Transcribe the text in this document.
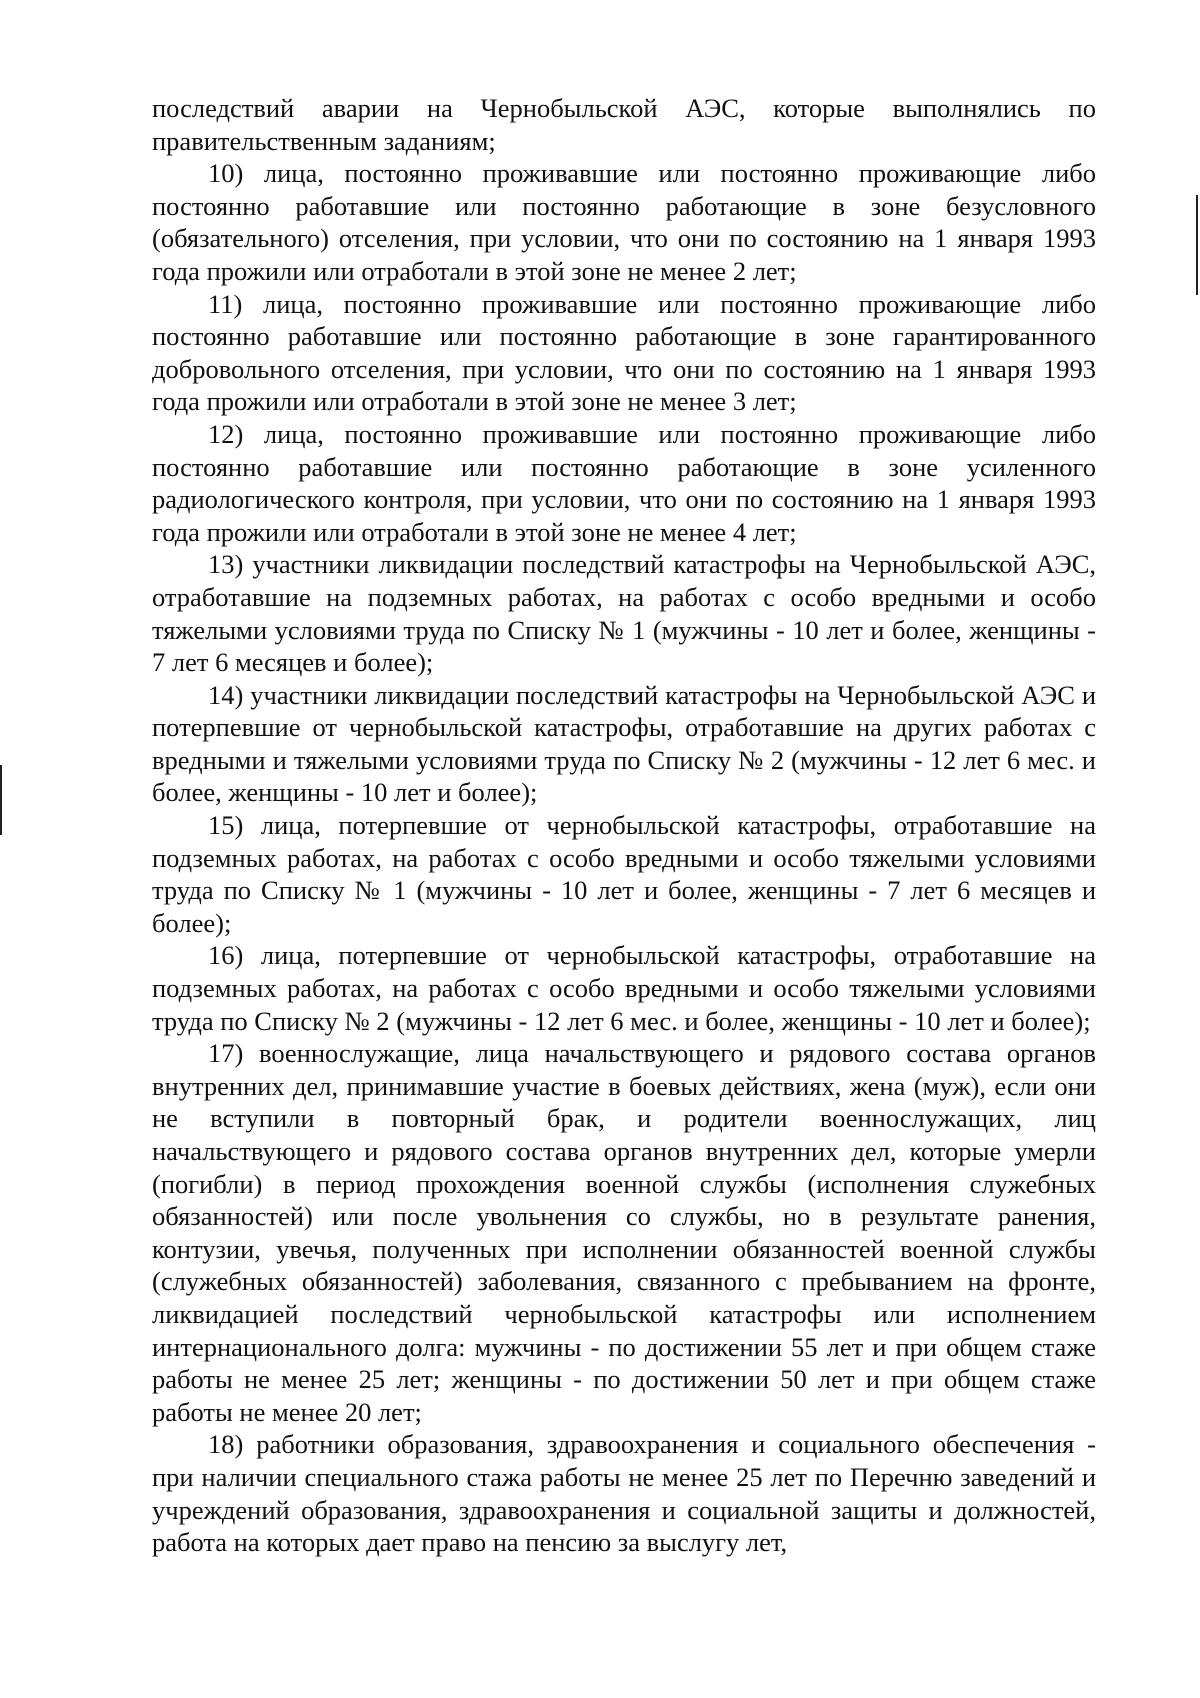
последствий аварии на Чернобыльской АЭС, которые выполнялись по правительственным заданиям;

10) лица, постоянно проживавшие или постоянно проживающие либо постоянно работавшие или постоянно работающие в зоне безусловного (обязательного) отселения, при условии, что они по состоянию на 1 января 1993 года прожили или отработали в этой зоне не менее 2 лет;

11) лица, постоянно проживавшие или постоянно проживающие либо постоянно работавшие или постоянно работающие в зоне гарантированного добровольного отселения, при условии, что они по состоянию на 1 января 1993 года прожили или отработали в этой зоне не менее 3 лет;

12) лица, постоянно проживавшие или постоянно проживающие либо постоянно работавшие или постоянно работающие в зоне усиленного радиологического контроля, при условии, что они по состоянию на 1 января 1993 года прожили или отработали в этой зоне не менее 4 лет;

13) участники ликвидации последствий катастрофы на Чернобыльской АЭС, отработавшие на подземных работах, на работах с особо вредными и особо тяжелыми условиями труда по Списку № 1 (мужчины - 10 лет и более, женщины - 7 лет 6 месяцев и более);

14) участники ликвидации последствий катастрофы на Чернобыльской АЭС и потерпевшие от чернобыльской катастрофы, отработавшие на других работах с вредными и тяжелыми условиями труда по Списку № 2 (мужчины - 12 лет 6 мес. и более, женщины - 10 лет и более);

15) лица, потерпевшие от чернобыльской катастрофы, отработавшие на подземных работах, на работах с особо вредными и особо тяжелыми условиями труда по Списку № 1 (мужчины - 10 лет и более, женщины - 7 лет 6 месяцев и более);

16) лица, потерпевшие от чернобыльской катастрофы, отработавшие на подземных работах, на работах с особо вредными и особо тяжелыми условиями труда по Списку № 2 (мужчины - 12 лет 6 мес. и более, женщины - 10 лет и более);

17) военнослужащие, лица начальствующего и рядового состава органов внутренних дел, принимавшие участие в боевых действиях, жена (муж), если они не вступили в повторный брак, и родители военнослужащих, лиц начальствующего и рядового состава органов внутренних дел, которые умерли (погибли) в период прохождения военной службы (исполнения служебных обязанностей) или после увольнения со службы, но в результате ранения, контузии, увечья, полученных при исполнении обязанностей военной службы (служебных обязанностей) заболевания, связанного с пребыванием на фронте, ликвидацией последствий чернобыльской катастрофы или исполнением интернационального долга: мужчины - по достижении 55 лет и при общем стаже работы не менее 25 лет; женщины - по достижении 50 лет и при общем стаже работы не менее 20 лет;

18) работники образования, здравоохранения и социального обеспечения - при наличии специального стажа работы не менее 25 лет по Перечню заведений и учреждений образования, здравоохранения и социальной защиты и должностей, работа на которых дает право на пенсию за выслугу лет,
